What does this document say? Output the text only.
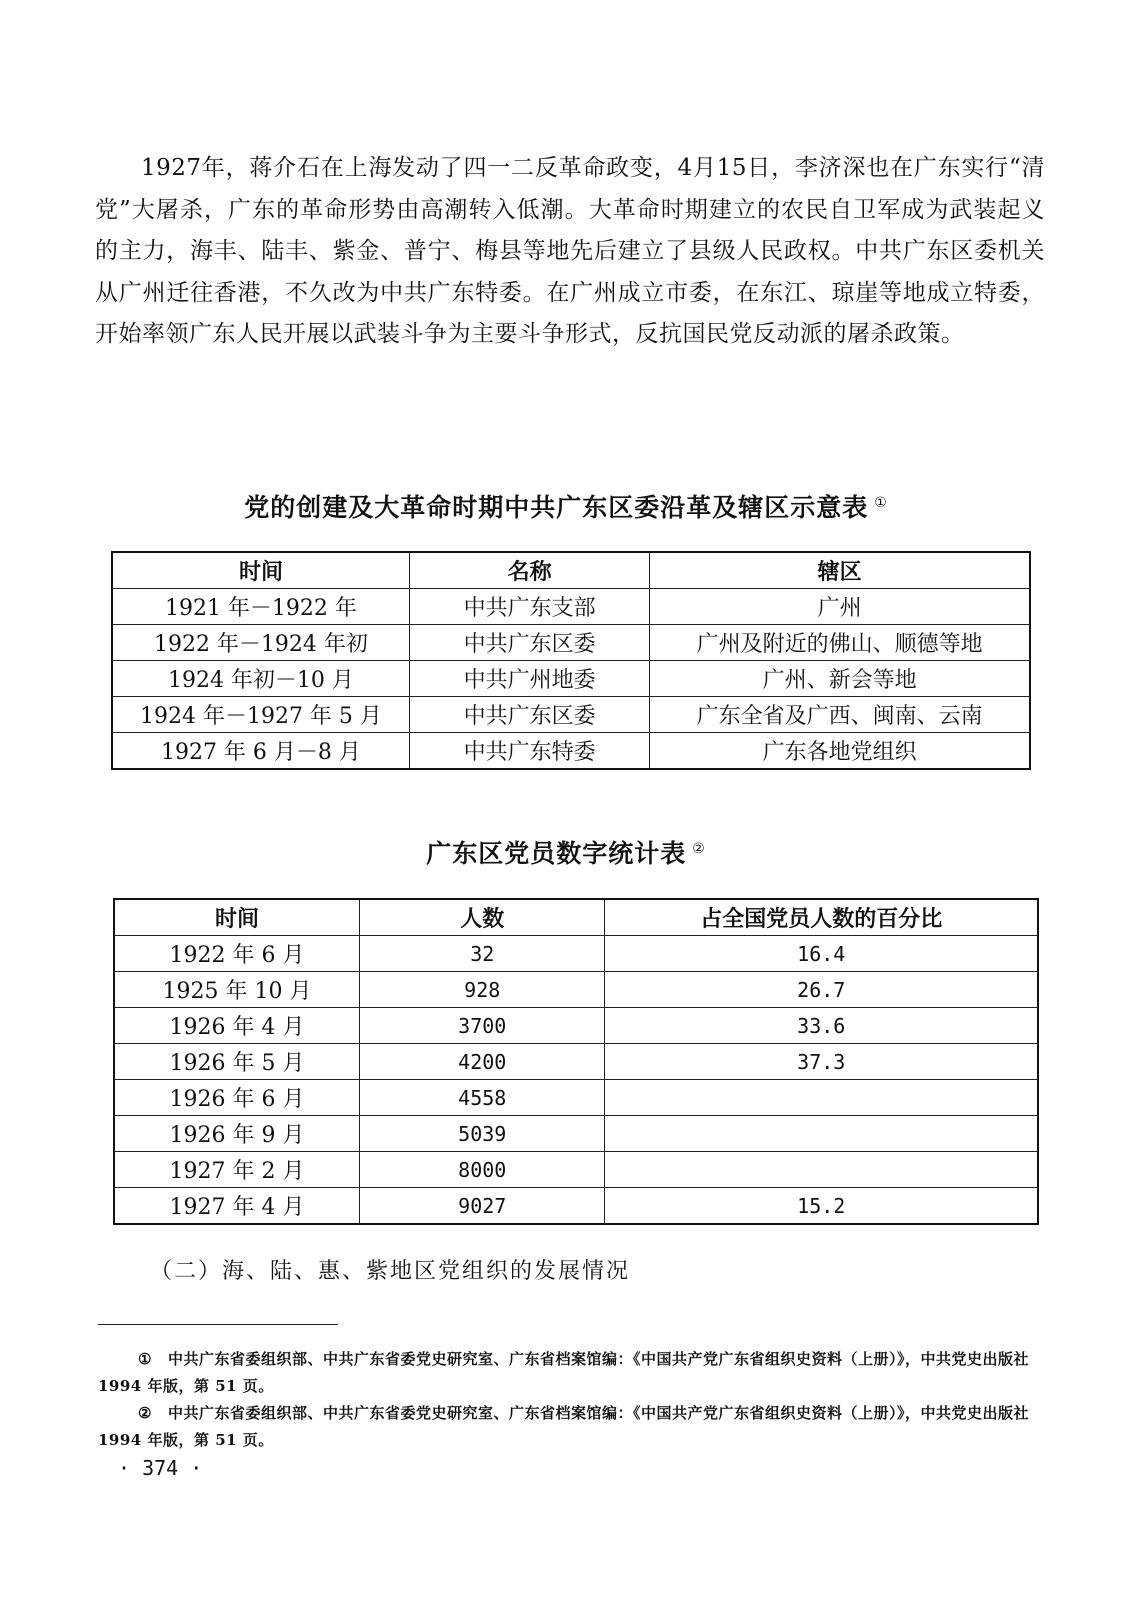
1927年，蒋介石在上海发动了四一二反革命政变，4月15日，李济深也在广东实行“清党”大屠杀，广东的革命形势由高潮转入低潮。大革命时期建立的农民自卫军成为武装起义的主力，海丰、陆丰、紫金、普宁、梅县等地先后建立了县级人民政权。中共广东区委机关从广州迁往香港，不久改为中共广东特委。在广州成立市委，在东江、琼崖等地成立特委，开始率领广东人民开展以武装斗争为主要斗争形式，反抗国民党反动派的屠杀政策。

党的创建及大革命时期中共广东区委沿革及辖区示意表 ①
时间	名称	辖区
1921 年－1922 年	中共广东支部	广州
1922 年－1924 年初	中共广东区委	广州及附近的佛山、顺德等地
1924 年初－10 月	中共广州地委	广州、新会等地
1924 年－1927 年 5 月	中共广东区委	广东全省及广西、闽南、云南
1927 年 6 月－8 月	中共广东特委	广东各地党组织
广东区党员数字统计表 ②
时间	人数	占全国党员人数的百分比
1922 年 6 月	32	16.4
1925 年 10 月	928	26.7
1926 年 4 月	3700	33.6
1926 年 5 月	4200	37.3
1926 年 6 月	4558	
1926 年 9 月	5039	
1927 年 2 月	8000	
1927 年 4 月	9027	15.2
（二）海、陆、惠、紫地区党组织的发展情况
① 中共广东省委组织部、中共广东省委党史研究室、广东省档案馆编：《中国共产党广东省组织史资料（上册）》，中共党史出版社 1994 年版，第 51 页。
② 中共广东省委组织部、中共广东省委党史研究室、广东省档案馆编：《中国共产党广东省组织史资料（上册）》，中共党史出版社 1994 年版，第 51 页。
· 374 ·
